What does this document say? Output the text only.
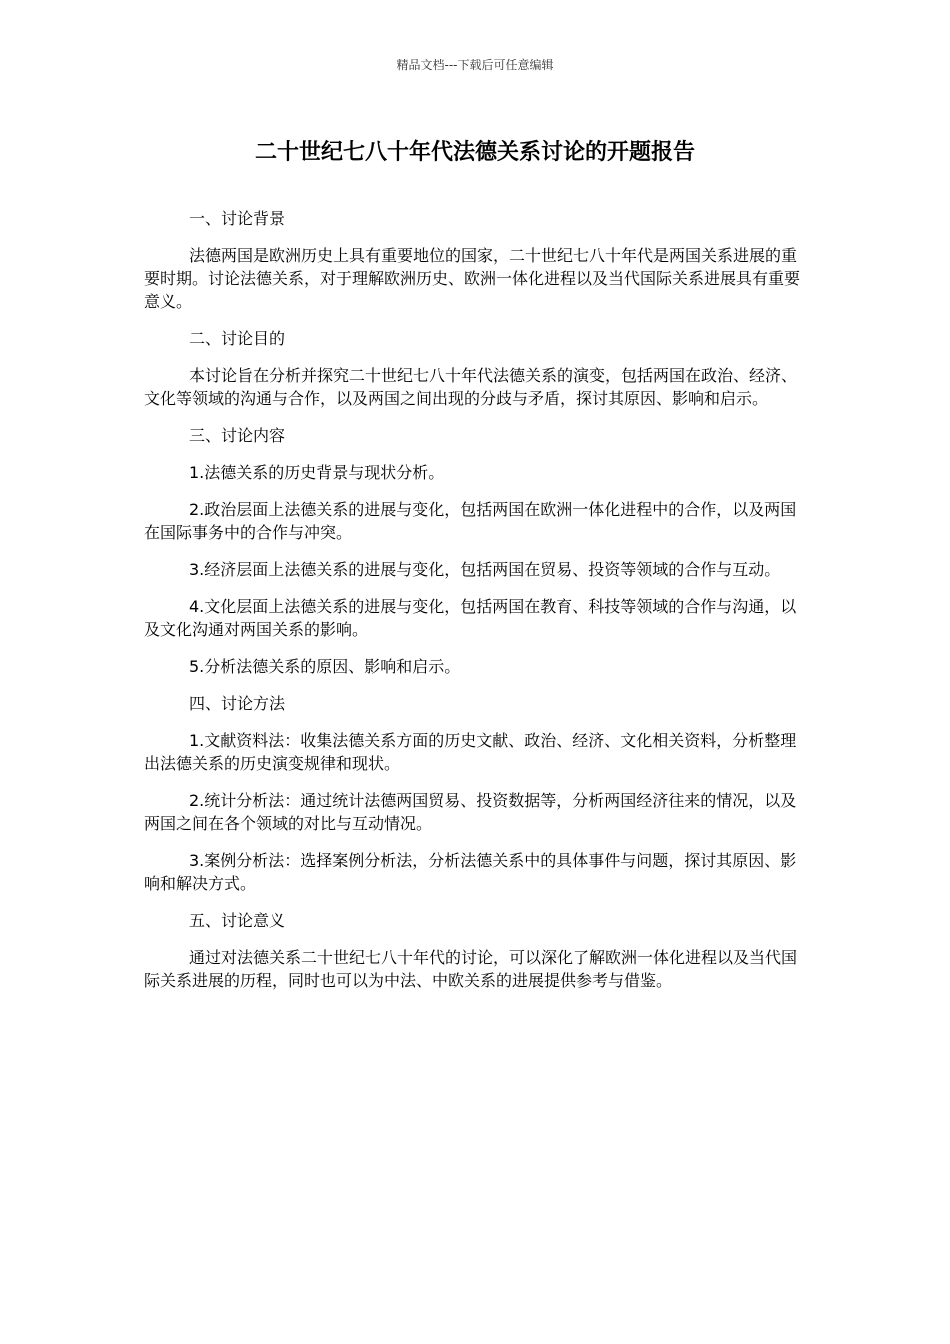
精品文档---下载后可任意编辑
二十世纪七八十年代法德关系讨论的开题报告

一、讨论背景

法德两国是欧洲历史上具有重要地位的国家，二十世纪七八十年代是两国关系进展的重要时期。讨论法德关系，对于理解欧洲历史、欧洲一体化进程以及当代国际关系进展具有重要意义。

二、讨论目的

本讨论旨在分析并探究二十世纪七八十年代法德关系的演变，包括两国在政治、经济、文化等领域的沟通与合作，以及两国之间出现的分歧与矛盾，探讨其原因、影响和启示。

三、讨论内容

1.法德关系的历史背景与现状分析。

2.政治层面上法德关系的进展与变化，包括两国在欧洲一体化进程中的合作，以及两国在国际事务中的合作与冲突。

3.经济层面上法德关系的进展与变化，包括两国在贸易、投资等领域的合作与互动。

4.文化层面上法德关系的进展与变化，包括两国在教育、科技等领域的合作与沟通，以及文化沟通对两国关系的影响。

5.分析法德关系的原因、影响和启示。

四、讨论方法

1.文献资料法：收集法德关系方面的历史文献、政治、经济、文化相关资料，分析整理出法德关系的历史演变规律和现状。

2.统计分析法：通过统计法德两国贸易、投资数据等，分析两国经济往来的情况，以及两国之间在各个领域的对比与互动情况。

3.案例分析法：选择案例分析法，分析法德关系中的具体事件与问题，探讨其原因、影响和解决方式。

五、讨论意义

通过对法德关系二十世纪七八十年代的讨论，可以深化了解欧洲一体化进程以及当代国际关系进展的历程，同时也可以为中法、中欧关系的进展提供参考与借鉴。
